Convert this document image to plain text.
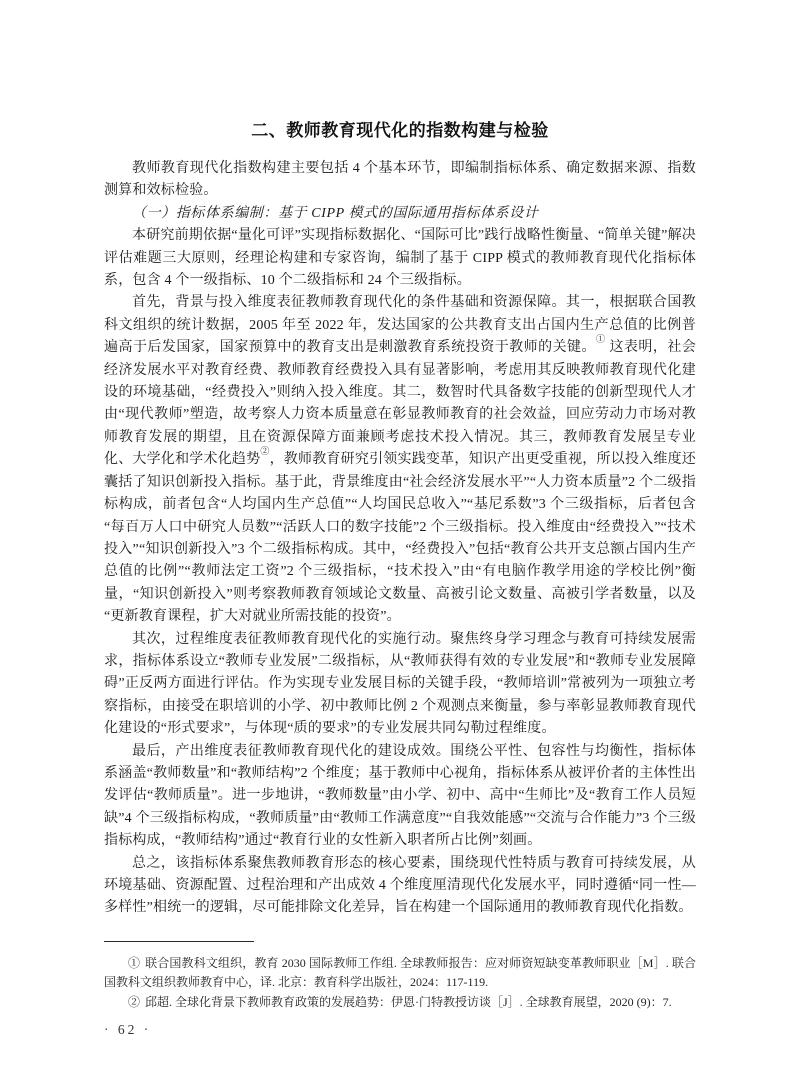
二、教师教育现代化的指数构建与检验

教师教育现代化指数构建主要包括 4 个基本环节，即编制指标体系、确定数据来源、指数测算和效标检验。

（一）指标体系编制：基于 CIPP 模式的国际通用指标体系设计

本研究前期依据“量化可评”实现指标数据化、“国际可比”践行战略性衡量、“简单关键”解决评估难题三大原则，经理论构建和专家咨询，编制了基于 CIPP 模式的教师教育现代化指标体系，包含 4 个一级指标、10 个二级指标和 24 个三级指标。

首先，背景与投入维度表征教师教育现代化的条件基础和资源保障。其一，根据联合国教科文组织的统计数据，2005 年至 2022 年，发达国家的公共教育支出占国内生产总值的比例普遍高于后发国家，国家预算中的教育支出是刺激教育系统投资于教师的关键。① 这表明，社会经济发展水平对教育经费、教师教育经费投入具有显著影响，考虑用其反映教师教育现代化建设的环境基础，“经费投入”则纳入投入维度。其二，数智时代具备数字技能的创新型现代人才由“现代教师”塑造，故考察人力资本质量意在彰显教师教育的社会效益，回应劳动力市场对教师教育发展的期望，且在资源保障方面兼顾考虑技术投入情况。其三，教师教育发展呈专业化、大学化和学术化趋势②，教师教育研究引领实践变革，知识产出更受重视，所以投入维度还囊括了知识创新投入指标。基于此，背景维度由“社会经济发展水平”“人力资本质量”2 个二级指标构成，前者包含“人均国内生产总值”“人均国民总收入”“基尼系数”3 个三级指标，后者包含“每百万人口中研究人员数”“活跃人口的数字技能”2 个三级指标。投入维度由“经费投入”“技术投入”“知识创新投入”3 个二级指标构成。其中，“经费投入”包括“教育公共开支总额占国内生产总值的比例”“教师法定工资”2 个三级指标，“技术投入”由“有电脑作教学用途的学校比例”衡量，“知识创新投入”则考察教师教育领域论文数量、高被引论文数量、高被引学者数量，以及“更新教育课程，扩大对就业所需技能的投资”。

其次，过程维度表征教师教育现代化的实施行动。聚焦终身学习理念与教育可持续发展需求，指标体系设立“教师专业发展”二级指标，从“教师获得有效的专业发展”和“教师专业发展障碍”正反两方面进行评估。作为实现专业发展目标的关键手段，“教师培训”常被列为一项独立考察指标，由接受在职培训的小学、初中教师比例 2 个观测点来衡量，参与率彰显教师教育现代化建设的“形式要求”，与体现“质的要求”的专业发展共同勾勒过程维度。

最后，产出维度表征教师教育现代化的建设成效。围绕公平性、包容性与均衡性，指标体系涵盖“教师数量”和“教师结构”2 个维度；基于教师中心视角，指标体系从被评价者的主体性出发评估“教师质量”。进一步地讲，“教师数量”由小学、初中、高中“生师比”及“教育工作人员短缺”4 个三级指标构成，“教师质量”由“教师工作满意度”“自我效能感”“交流与合作能力”3 个三级指标构成，“教师结构”通过“教育行业的女性新入职者所占比例”刻画。

总之，该指标体系聚焦教师教育形态的核心要素，围绕现代性特质与教育可持续发展，从环境基础、资源配置、过程治理和产出成效 4 个维度厘清现代化发展水平，同时遵循“同一性—多样性”相统一的逻辑，尽可能排除文化差异，旨在构建一个国际通用的教师教育现代化指数。

① 联合国教科文组织，教育 2030 国际教师工作组. 全球教师报告：应对师资短缺变革教师职业［M］. 联合国教科文组织教师教育中心，译. 北京：教育科学出版社，2024：117-119.

② 邱超. 全球化背景下教师教育政策的发展趋势：伊恩·门特教授访谈［J］. 全球教育展望，2020 (9)：7.

· 62 ·
